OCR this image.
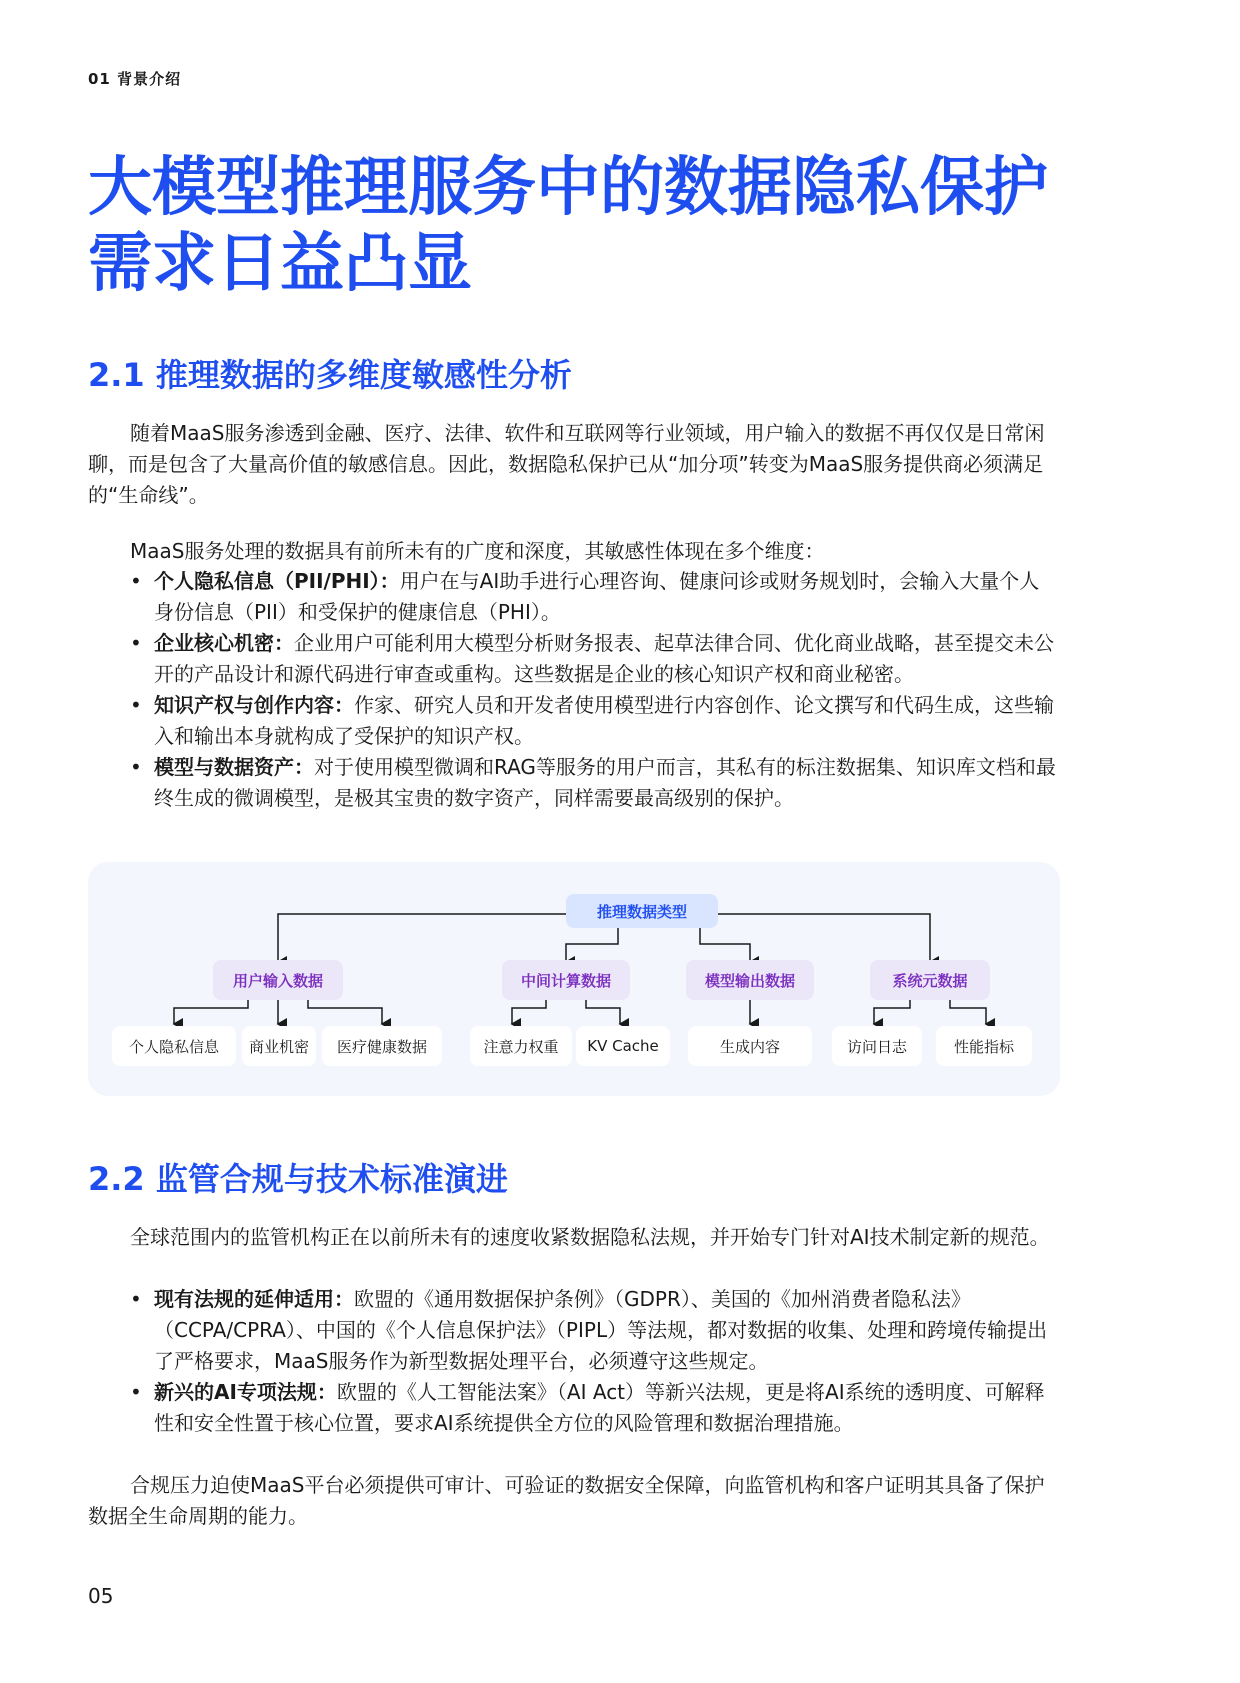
01 背景介绍
大模型推理服务中的数据隐私保护
需求日益凸显
2.1 推理数据的多维度敏感性分析
随着MaaS服务渗透到金融、医疗、法律、软件和互联网等行业领域，用户输入的数据不再仅仅是日常闲聊，而是包含了大量高价值的敏感信息。因此，数据隐私保护已从“加分项”转变为MaaS服务提供商必须满足的“生命线”。
MaaS服务处理的数据具有前所未有的广度和深度，其敏感性体现在多个维度：
• 个人隐私信息（PII/PHI）：用户在与AI助手进行心理咨询、健康问诊或财务规划时，会输入大量个人身份信息（PII）和受保护的健康信息（PHI）。
• 企业核心机密：企业用户可能利用大模型分析财务报表、起草法律合同、优化商业战略，甚至提交未公开的产品设计和源代码进行审查或重构。这些数据是企业的核心知识产权和商业秘密。
• 知识产权与创作内容：作家、研究人员和开发者使用模型进行内容创作、论文撰写和代码生成，这些输入和输出本身就构成了受保护的知识产权。
• 模型与数据资产：对于使用模型微调和RAG等服务的用户而言，其私有的标注数据集、知识库文档和最终生成的微调模型，是极其宝贵的数字资产，同样需要最高级别的保护。
推理数据类型
用户输入数据	中间计算数据	模型输出数据	系统元数据
个人隐私信息	商业机密	医疗健康数据	注意力权重	KV Cache	生成内容	访问日志	性能指标
2.2 监管合规与技术标准演进
全球范围内的监管机构正在以前所未有的速度收紧数据隐私法规，并开始专门针对AI技术制定新的规范。
• 现有法规的延伸适用：欧盟的《通用数据保护条例》（GDPR）、美国的《加州消费者隐私法》（CCPA/CPRA）、中国的《个人信息保护法》（PIPL）等法规，都对数据的收集、处理和跨境传输提出了严格要求，MaaS服务作为新型数据处理平台，必须遵守这些规定。
• 新兴的AI专项法规：欧盟的《人工智能法案》（AI Act）等新兴法规，更是将AI系统的透明度、可解释性和安全性置于核心位置，要求AI系统提供全方位的风险管理和数据治理措施。
合规压力迫使MaaS平台必须提供可审计、可验证的数据安全保障，向监管机构和客户证明其具备了保护数据全生命周期的能力。
05
